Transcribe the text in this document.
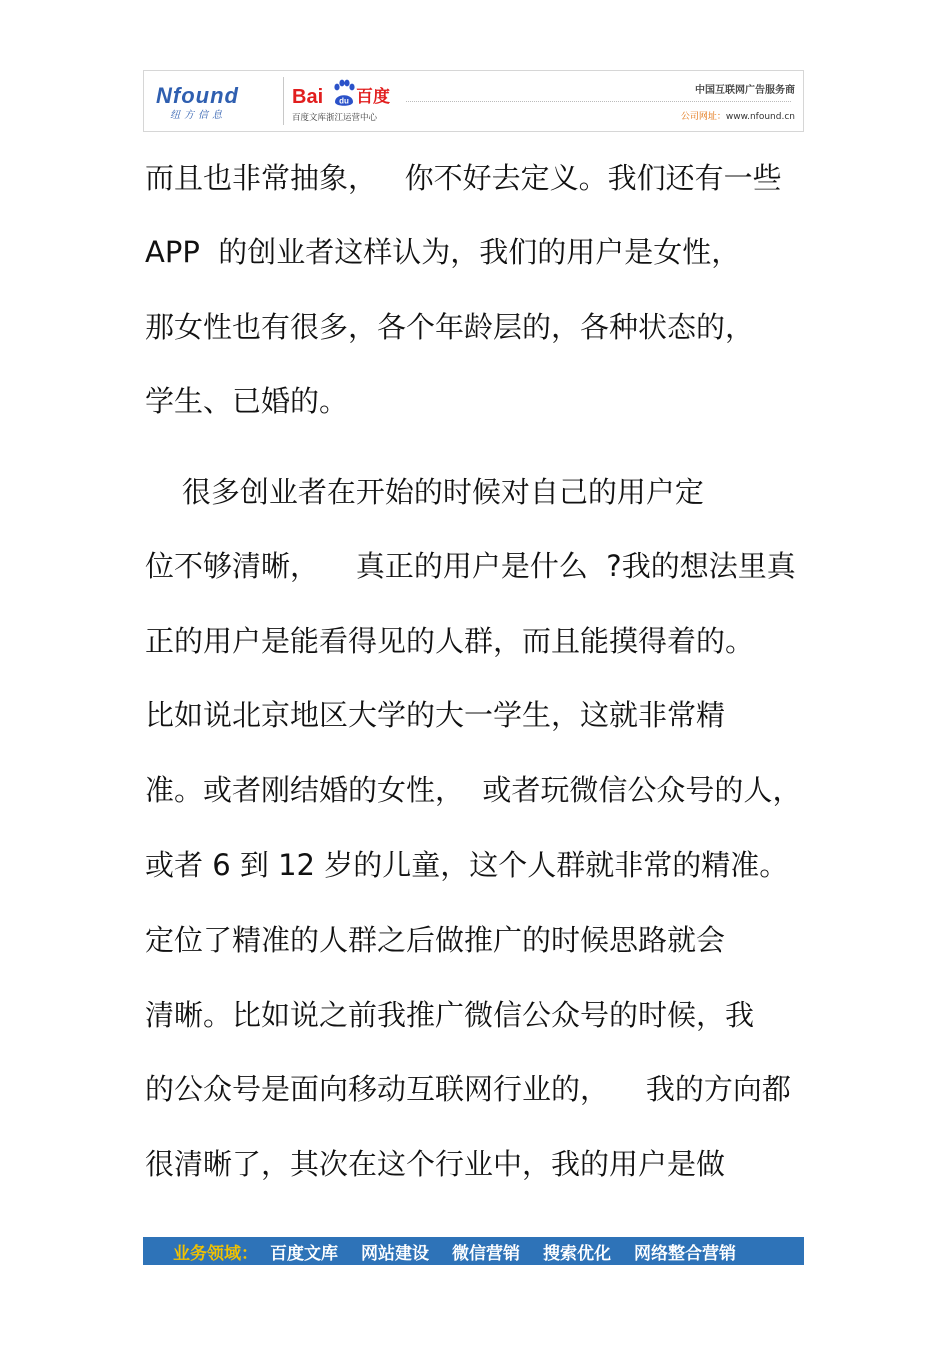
Nfound
纽方信息
Bai du 百度
百度文库浙江运营中心
中国互联网广告服务商
公司网址：www.nfound.cn
而且也非常抽象，   你不好去定义。我们还有一些
APP  的创业者这样认为，我们的用户是女性，
那女性也有很多，各个年龄层的，各种状态的，
学生、已婚的。
很多创业者在开始的时候对自己的用户定
位不够清晰，    真正的用户是什么  ?我的想法里真
正的用户是能看得见的人群，而且能摸得着的。
比如说北京地区大学的大一学生，这就非常精
准。或者刚结婚的女性，  或者玩微信公众号的人，
或者 6 到 12 岁的儿童，这个人群就非常的精准。
定位了精准的人群之后做推广的时候思路就会
清晰。比如说之前我推广微信公众号的时候，我
的公众号是面向移动互联网行业的，    我的方向都
很清晰了，其次在这个行业中，我的用户是做
业务领域： 百度文库 网站建设 微信营销 搜索优化 网络整合营销
